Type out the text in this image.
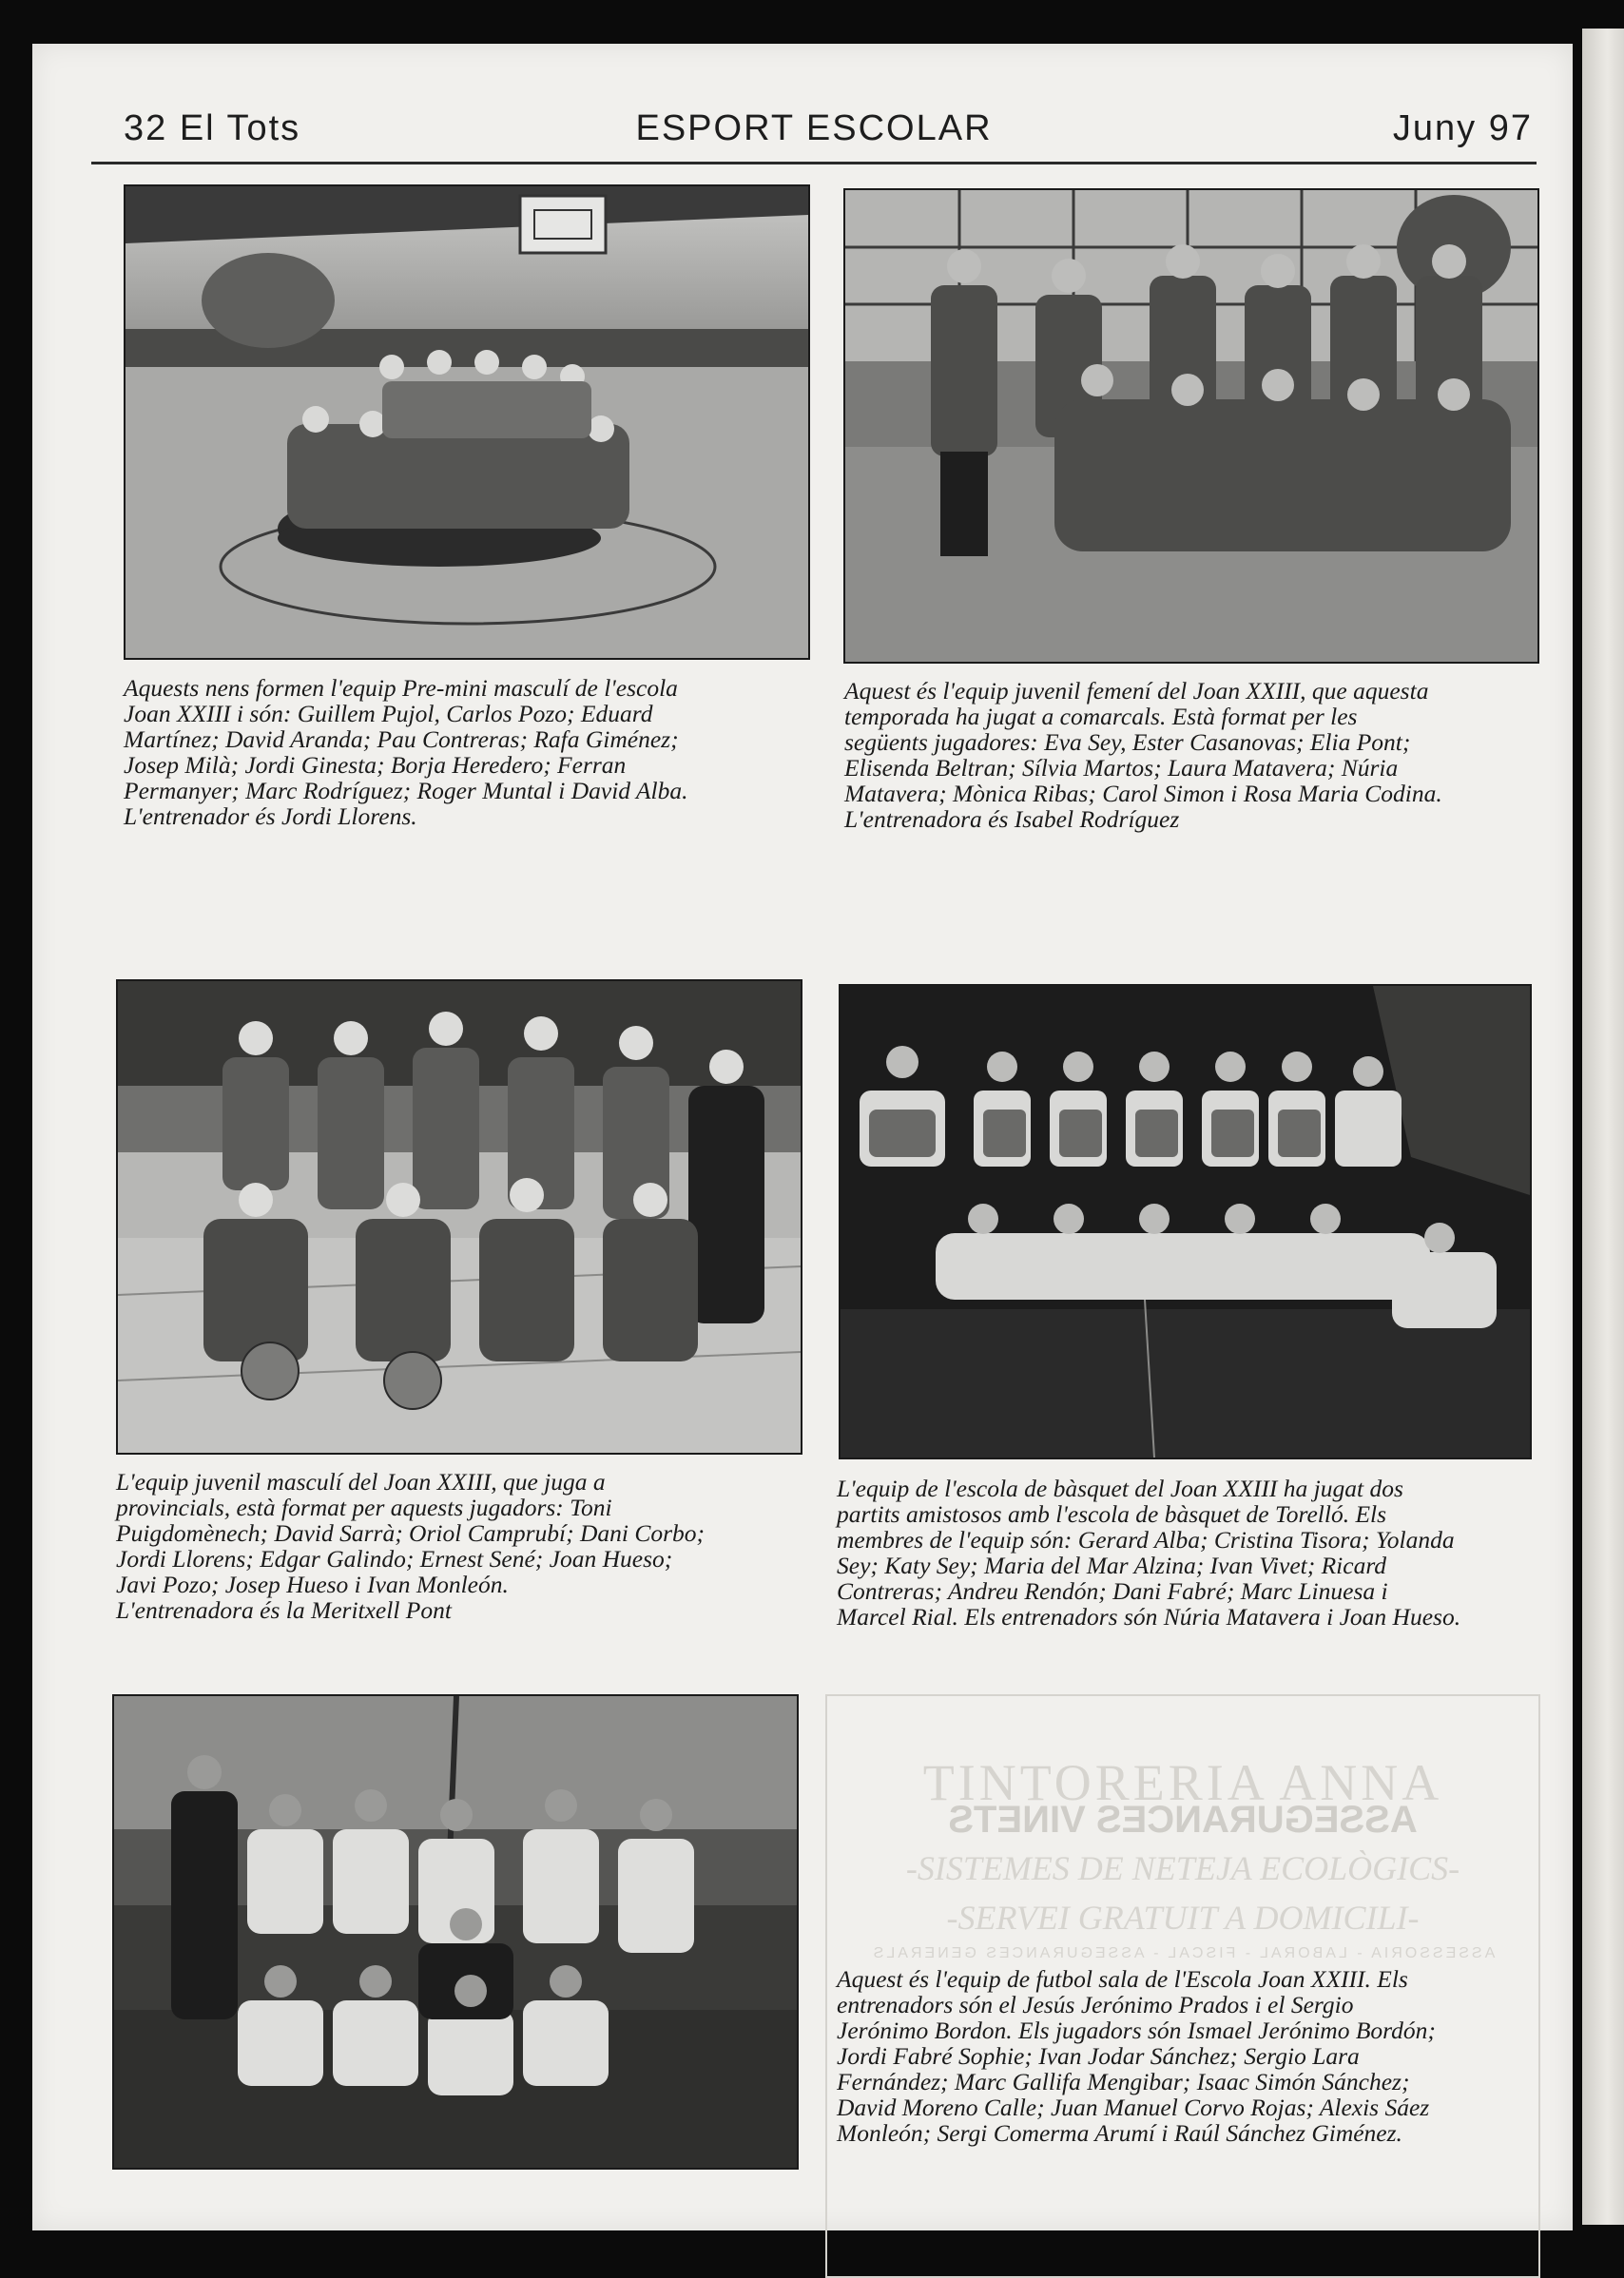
32 El Tots	ESPORT ESCOLAR	Juny 97
Aquests nens formen l'equip Pre-mini masculí de l'escola
Joan XXIII i són: Guillem Pujol, Carlos Pozo; Eduard
Martínez; David Aranda; Pau Contreras; Rafa Giménez;
Josep Milà; Jordi Ginesta; Borja Heredero; Ferran
Permanyer; Marc Rodríguez; Roger Muntal i David Alba.
L'entrenador és Jordi Llorens.
Aquest és l'equip juvenil femení del Joan XXIII, que aquesta
temporada ha jugat a comarcals. Està format per les
següents jugadores: Eva Sey, Ester Casanovas; Elia Pont;
Elisenda Beltran; Sílvia Martos; Laura Matavera; Núria
Matavera; Mònica Ribas; Carol Simon i Rosa Maria Codina.
L'entrenadora és Isabel Rodríguez
L'equip juvenil masculí del Joan XXIII, que juga a
provincials, està format per aquests jugadors: Toni
Puigdomènech; David Sarrà; Oriol Camprubí; Dani Corbo;
Jordi Llorens; Edgar Galindo; Ernest Sené; Joan Hueso;
Javi Pozo; Josep Hueso i Ivan Monleón.
L'entrenadora és la Meritxell Pont
L'equip de l'escola de bàsquet del Joan XXIII ha jugat dos
partits amistosos amb l'escola de bàsquet de Torelló. Els
membres de l'equip són: Gerard Alba; Cristina Tisora; Yolanda
Sey; Katy Sey; Maria del Mar Alzina; Ivan Vivet; Ricard
Contreras; Andreu Rendón; Dani Fabré; Marc Linuesa i
Marcel Rial. Els entrenadors són Núria Matavera i Joan Hueso.
TINTORERIA ANNA
ASSEGURANCES VINETS
-SISTEMES DE NETEJA ECOLÒGICS-
-SERVEI GRATUIT A DOMICILI-
ASSESSORIA - LABORAL - FISCAL - ASSEGURANCES GENERALS
Aquest és l'equip de futbol sala de l'Escola Joan XXIII. Els
entrenadors són el Jesús Jerónimo Prados i el Sergio
Jerónimo Bordon. Els jugadors són Ismael Jerónimo Bordón;
Jordi Fabré Sophie; Ivan Jodar Sánchez; Sergio Lara
Fernández; Marc Gallifa Mengibar; Isaac Simón Sánchez;
David Moreno Calle; Juan Manuel Corvo Rojas; Alexis Sáez
Monleón; Sergi Comerma Arumí i Raúl Sánchez Giménez.
